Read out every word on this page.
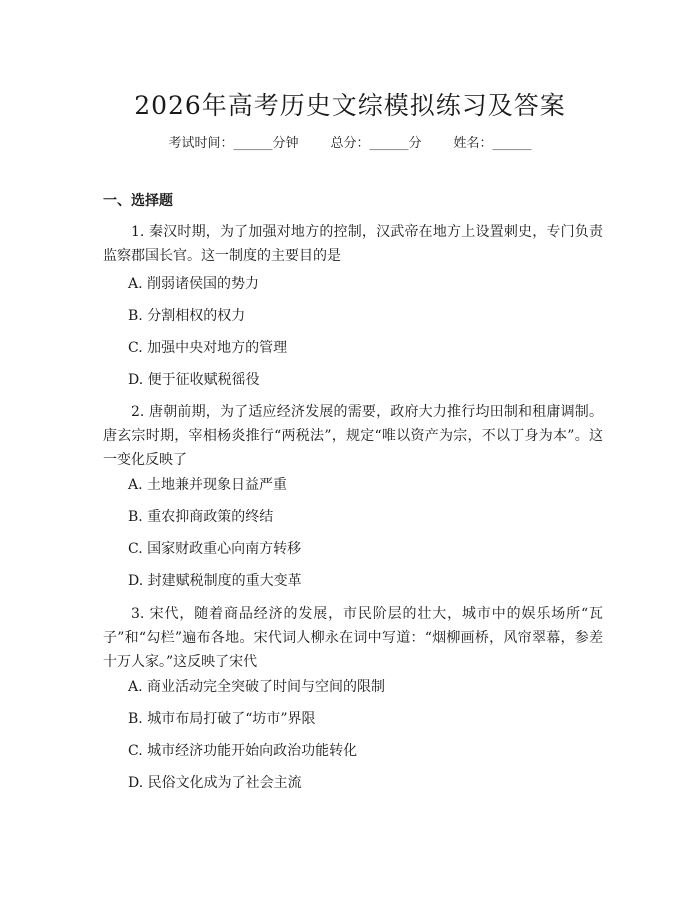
2026年高考历史文综模拟练习及答案
考试时间：______分钟 总分：______分 姓名：______
一、选择题
1. 秦汉时期，为了加强对地方的控制，汉武帝在地方上设置刺史，专门负责监察郡国长官。这一制度的主要目的是
A. 削弱诸侯国的势力
B. 分割相权的权力
C. 加强中央对地方的管理
D. 便于征收赋税徭役
2. 唐朝前期，为了适应经济发展的需要，政府大力推行均田制和租庸调制。唐玄宗时期，宰相杨炎推行“两税法”，规定“唯以资产为宗，不以丁身为本”。这一变化反映了
A. 土地兼并现象日益严重
B. 重农抑商政策的终结
C. 国家财政重心向南方转移
D. 封建赋税制度的重大变革
3. 宋代，随着商品经济的发展，市民阶层的壮大，城市中的娱乐场所“瓦子”和“勾栏”遍布各地。宋代词人柳永在词中写道：“烟柳画桥，风帘翠幕，参差十万人家。”这反映了宋代
A. 商业活动完全突破了时间与空间的限制
B. 城市布局打破了“坊市”界限
C. 城市经济功能开始向政治功能转化
D. 民俗文化成为了社会主流
